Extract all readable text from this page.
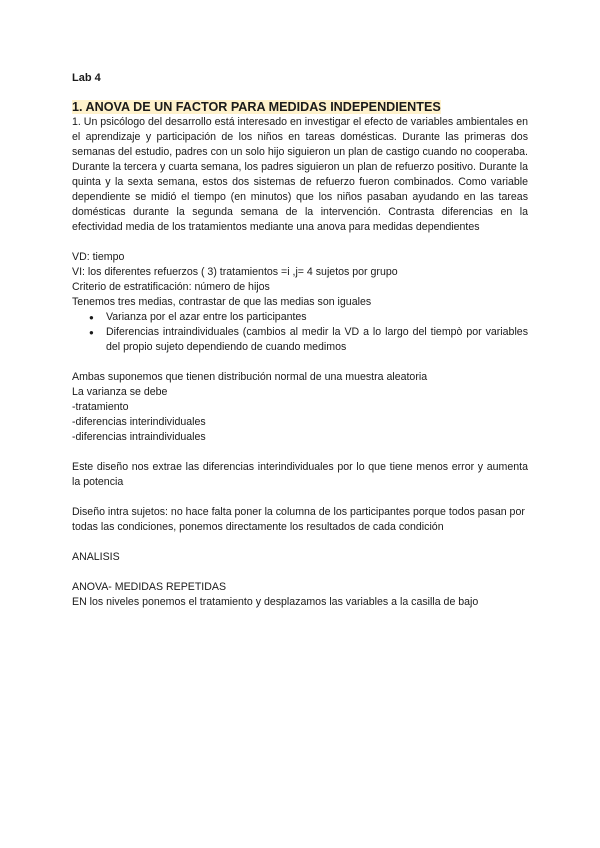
Lab 4

1. ANOVA DE UN FACTOR PARA MEDIDAS INDEPENDIENTES

1. Un psicólogo del desarrollo está interesado en investigar el efecto de variables ambientales en el aprendizaje y participación de los niños en tareas domésticas. Durante las primeras dos semanas del estudio, padres con un solo hijo siguieron un plan de castigo cuando no cooperaba. Durante la tercera y cuarta semana, los padres siguieron un plan de refuerzo positivo. Durante la quinta y la sexta semana, estos dos sistemas de refuerzo fueron combinados. Como variable dependiente se midió el tiempo (en minutos) que los niños pasaban ayudando en las tareas domésticas durante la segunda semana de la intervención. Contrasta diferencias en la efectividad media de los tratamientos mediante una anova para medidas dependientes

VD: tiempo

VI: los diferentes refuerzos ( 3) tratamientos =i ,j= 4 sujetos por grupo

Criterio de estratificación: número de hijos

Tenemos tres medias, contrastar de que las medias son iguales

● Varianza por el azar entre los participantes
● Diferencias intraindividuales (cambios al medir la VD a lo largo del tiempò por variables del propio sujeto dependiendo de cuando medimos

Ambas suponemos que tienen distribución normal de una muestra aleatoria

La varianza se debe

-tratamiento

-diferencias interindividuales

-diferencias intraindividuales

Este diseño nos extrae las diferencias interindividuales por lo que tiene menos error y aumenta la potencia

Diseño intra sujetos: no hace falta poner la columna de los participantes porque todos pasan por todas las condiciones, ponemos directamente los resultados de cada condición

ANALISIS

ANOVA- MEDIDAS REPETIDAS

EN los niveles ponemos el tratamiento y desplazamos las variables a la casilla de bajo
